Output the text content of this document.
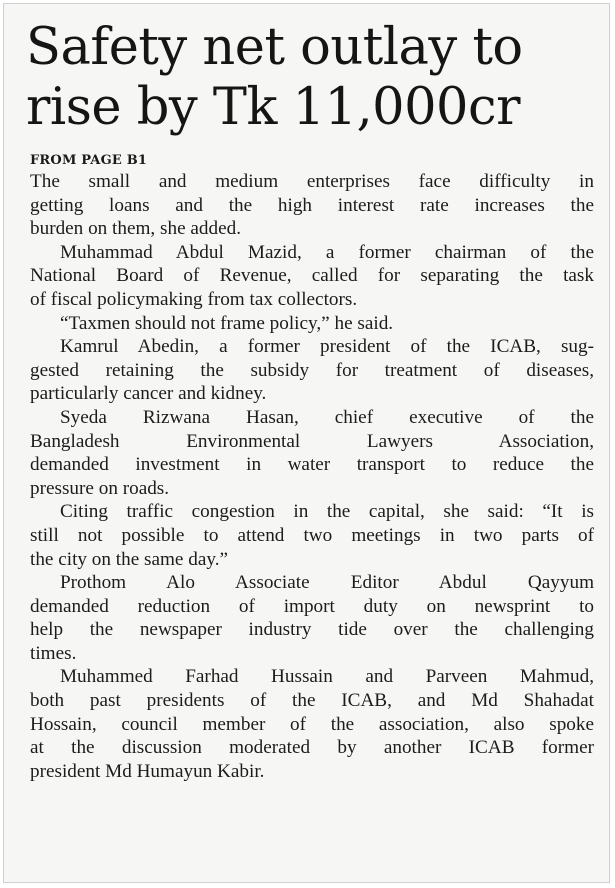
Safety net outlay to
rise by Tk 11,000cr
FROM PAGE B1
The small and medium enterprises face difficulty in
getting loans and the high interest rate increases the
burden on them, she added.
Muhammad Abdul Mazid, a former chairman of the
National Board of Revenue, called for separating the task
of fiscal policymaking from tax collectors.
“Taxmen should not frame policy,” he said.
Kamrul Abedin, a former president of the ICAB, sug-
gested retaining the subsidy for treatment of diseases,
particularly cancer and kidney.
Syeda Rizwana Hasan, chief executive of the
Bangladesh Environmental Lawyers Association,
demanded investment in water transport to reduce the
pressure on roads.
Citing traffic congestion in the capital, she said: “It is
still not possible to attend two meetings in two parts of
the city on the same day.”
Prothom Alo Associate Editor Abdul Qayyum
demanded reduction of import duty on newsprint to
help the newspaper industry tide over the challenging
times.
Muhammed Farhad Hussain and Parveen Mahmud,
both past presidents of the ICAB, and Md Shahadat
Hossain, council member of the association, also spoke
at the discussion moderated by another ICAB former
president Md Humayun Kabir.
